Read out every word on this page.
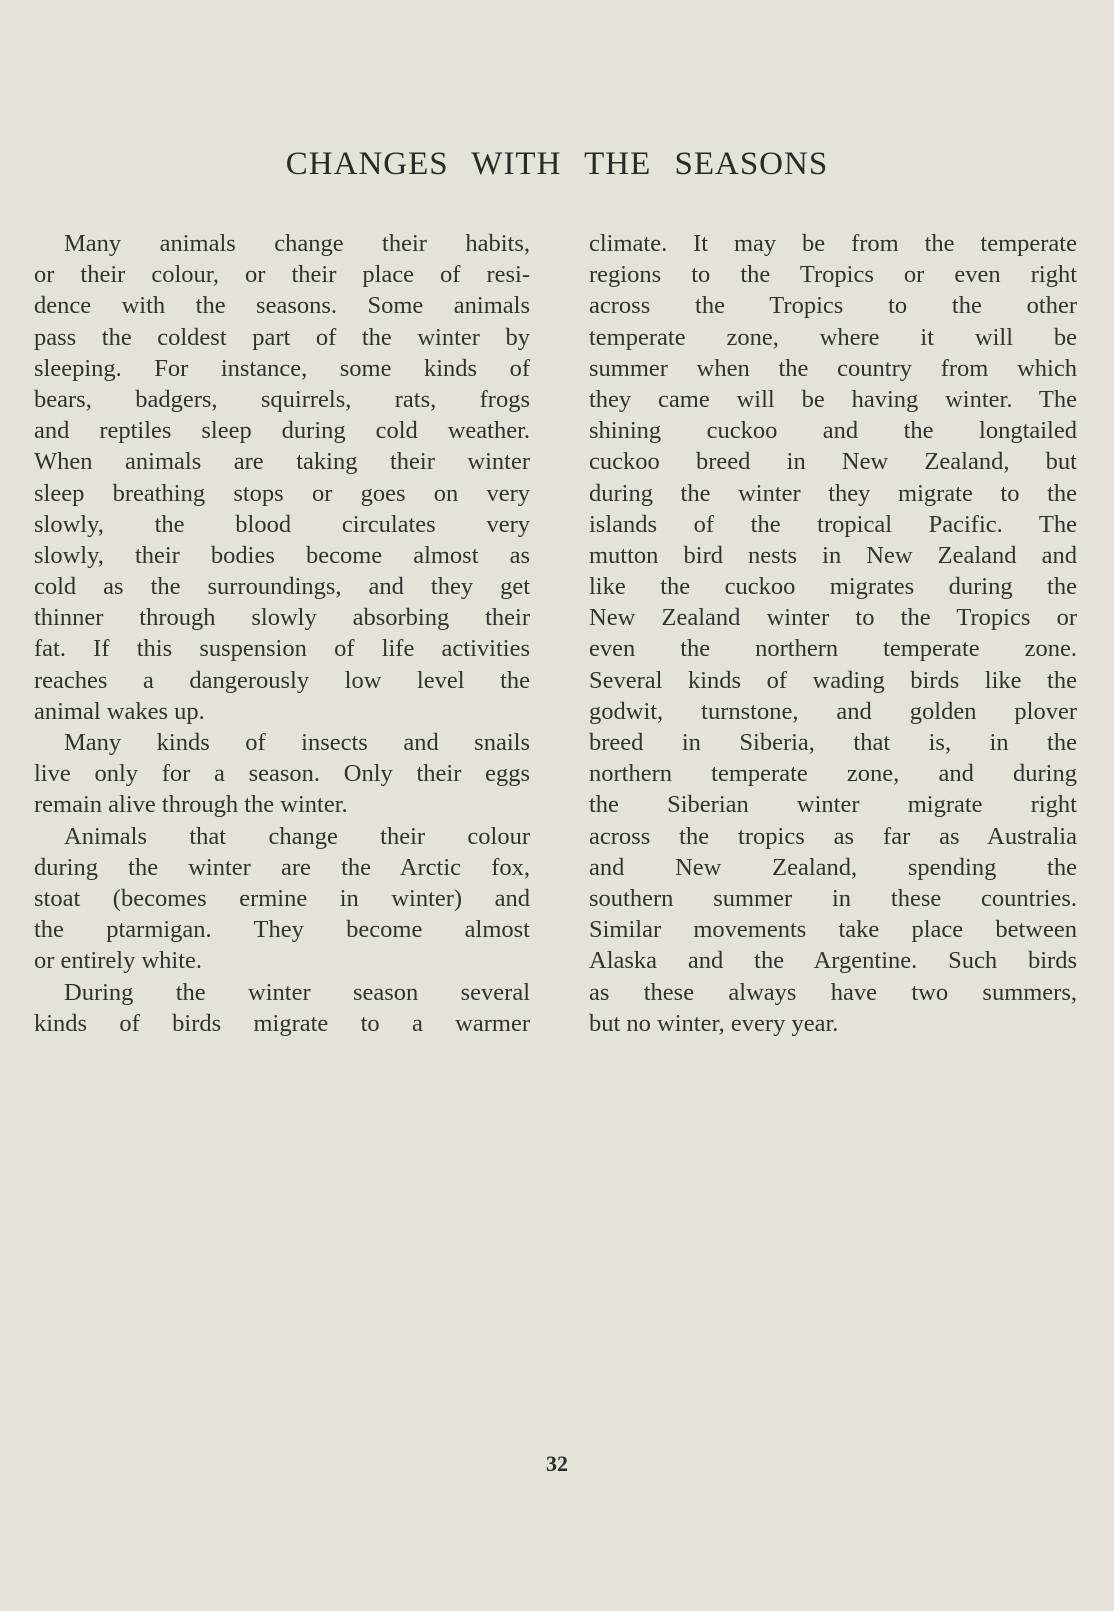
CHANGES WITH THE SEASONS
Many animals change their habits,
or their colour, or their place of resi-
dence with the seasons. Some animals
pass the coldest part of the winter by
sleeping. For instance, some kinds of
bears, badgers, squirrels, rats, frogs
and reptiles sleep during cold weather.
When animals are taking their winter
sleep breathing stops or goes on very
slowly, the blood circulates very
slowly, their bodies become almost as
cold as the surroundings, and they get
thinner through slowly absorbing their
fat. If this suspension of life activities
reaches a dangerously low level the
animal wakes up.
Many kinds of insects and snails
live only for a season. Only their eggs
remain alive through the winter.
Animals that change their colour
during the winter are the Arctic fox,
stoat (becomes ermine in winter) and
the ptarmigan. They become almost
or entirely white.
During the winter season several
kinds of birds migrate to a warmer
climate. It may be from the temperate
regions to the Tropics or even right
across the Tropics to the other
temperate zone, where it will be
summer when the country from which
they came will be having winter. The
shining cuckoo and the longtailed
cuckoo breed in New Zealand, but
during the winter they migrate to the
islands of the tropical Pacific. The
mutton bird nests in New Zealand and
like the cuckoo migrates during the
New Zealand winter to the Tropics or
even the northern temperate zone.
Several kinds of wading birds like the
godwit, turnstone, and golden plover
breed in Siberia, that is, in the
northern temperate zone, and during
the Siberian winter migrate right
across the tropics as far as Australia
and New Zealand, spending the
southern summer in these countries.
Similar movements take place between
Alaska and the Argentine. Such birds
as these always have two summers,
but no winter, every year.
32
